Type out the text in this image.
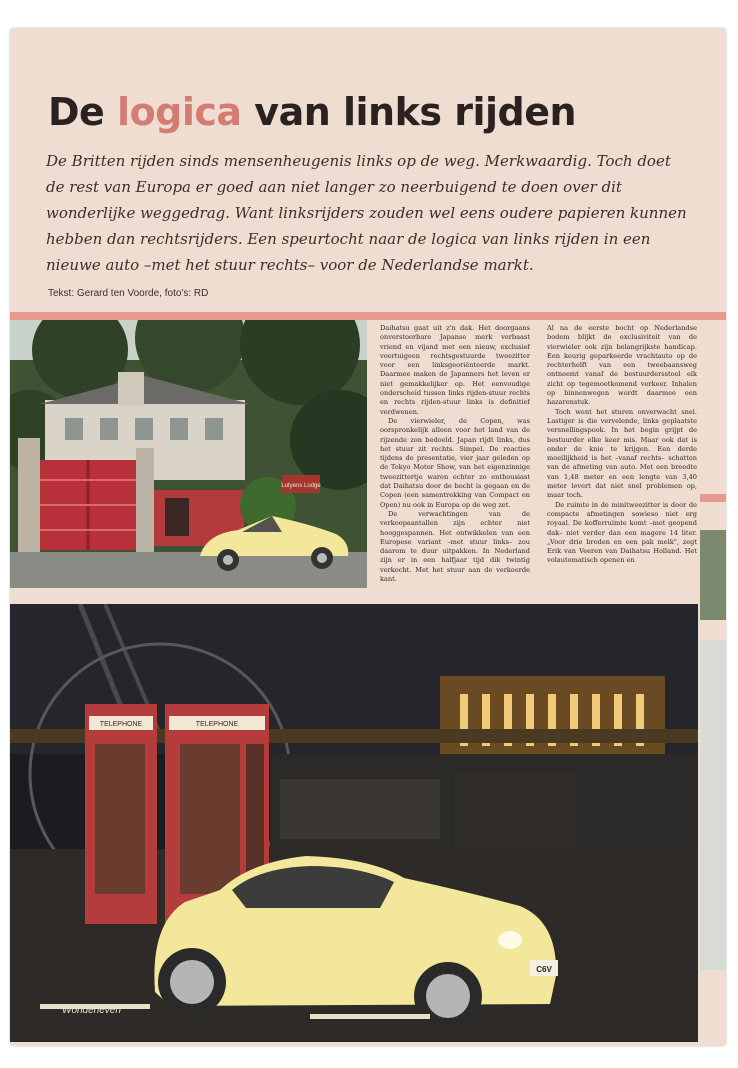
De logica van links rijden

De Britten rijden sinds mensenheugenis links op de weg. Merkwaardig. Toch doet de rest van Europa er goed aan niet langer zo neerbuigend te doen over dit wonderlijke weggedrag. Want linksrijders zouden wel eens oudere papieren kunnen hebben dan rechtsrijders. Een speurtocht naar de logica van links rijden in een nieuwe auto –met het stuur rechts– voor de Nederlandse markt.

Tekst: Gerard ten Voorde, foto's: RD

Lutyens Lodge

Daihatsu gaat uit z'n dak. Het doorgaans onverstoorbare Japanse merk verbaast vriend en vijand met een nieuw, exclusief voertuigeen rechtsgestuurde tweezitter voor een linksgeoriënteerde markt. Daarmee maken de Japanners het leven er niet gemakkelijker op. Het eenvoudige onderscheid tussen links rijden-stuur rechts en rechts rijden-stuur links is definitief verdwenen.

De vierwieler, de Copen, was oorspronkelijk alleen voor het land van de rijzende zon bedoeld. Japan rijdt links, dus het stuur zit rechts. Simpel. De reacties tijdens de presentatie, vier jaar geleden op de Tokyo Motor Show, van het eigenzinnige tweezittertje waren echter zo enthousiast dat Daihatsu door de bocht is gegaan en de Copen (een samentrekking van Compact en Open) nu ook in Europa op de weg zet.

De verwachtingen van de verkoopaantallen zijn echter niet hooggespannen. Het ontwikkelen van een Europese variant –met stuur links– zou daarom te duur uitpakken. In Nederland zijn er in een halfjaar tijd dik twintig verkocht. Met het stuur aan de verkeerde kant.

Al na de eerste bocht op Nederlandse bodem blijkt de exclusiviteit van de vierwieler ook zijn belangrijkste handicap. Een keurig geparkeerde vrachtauto op de rechterhelft van een tweebaansweg ontneemt vanaf de bestuurdersstoel elk zicht op tegemoetkomend verkeer. Inhalen op binnenwegen wordt daarmee een hazarenstuk.

Toch went het sturen onverwacht snel. Lastiger is die vervelende, links geplaatste versnellingspook. In het begin grijpt de bestuurder elke keer mis. Maar ook dat is onder de knie te krijgen. Een derde moeilijkheid is het –vanaf rechts– schatten van de afmeting van auto. Met een breedte van 1,48 meter en een lengte van 3,40 meter levert dat niet snel problemen op, maar toch.

De ruimte in de minitweezitter is door de compacte afmetingen sowieso niet erg royaal. De kofferruimte komt –met geopend dak– niet verder dan een magere 14 liter. „Voor drie broden en een pak melk", zegt Erik van Veeren van Daihatsu Holland. Het volautomatisch openen en

TELEPHONE	TELEPHONE
C6V

Wonderleven
